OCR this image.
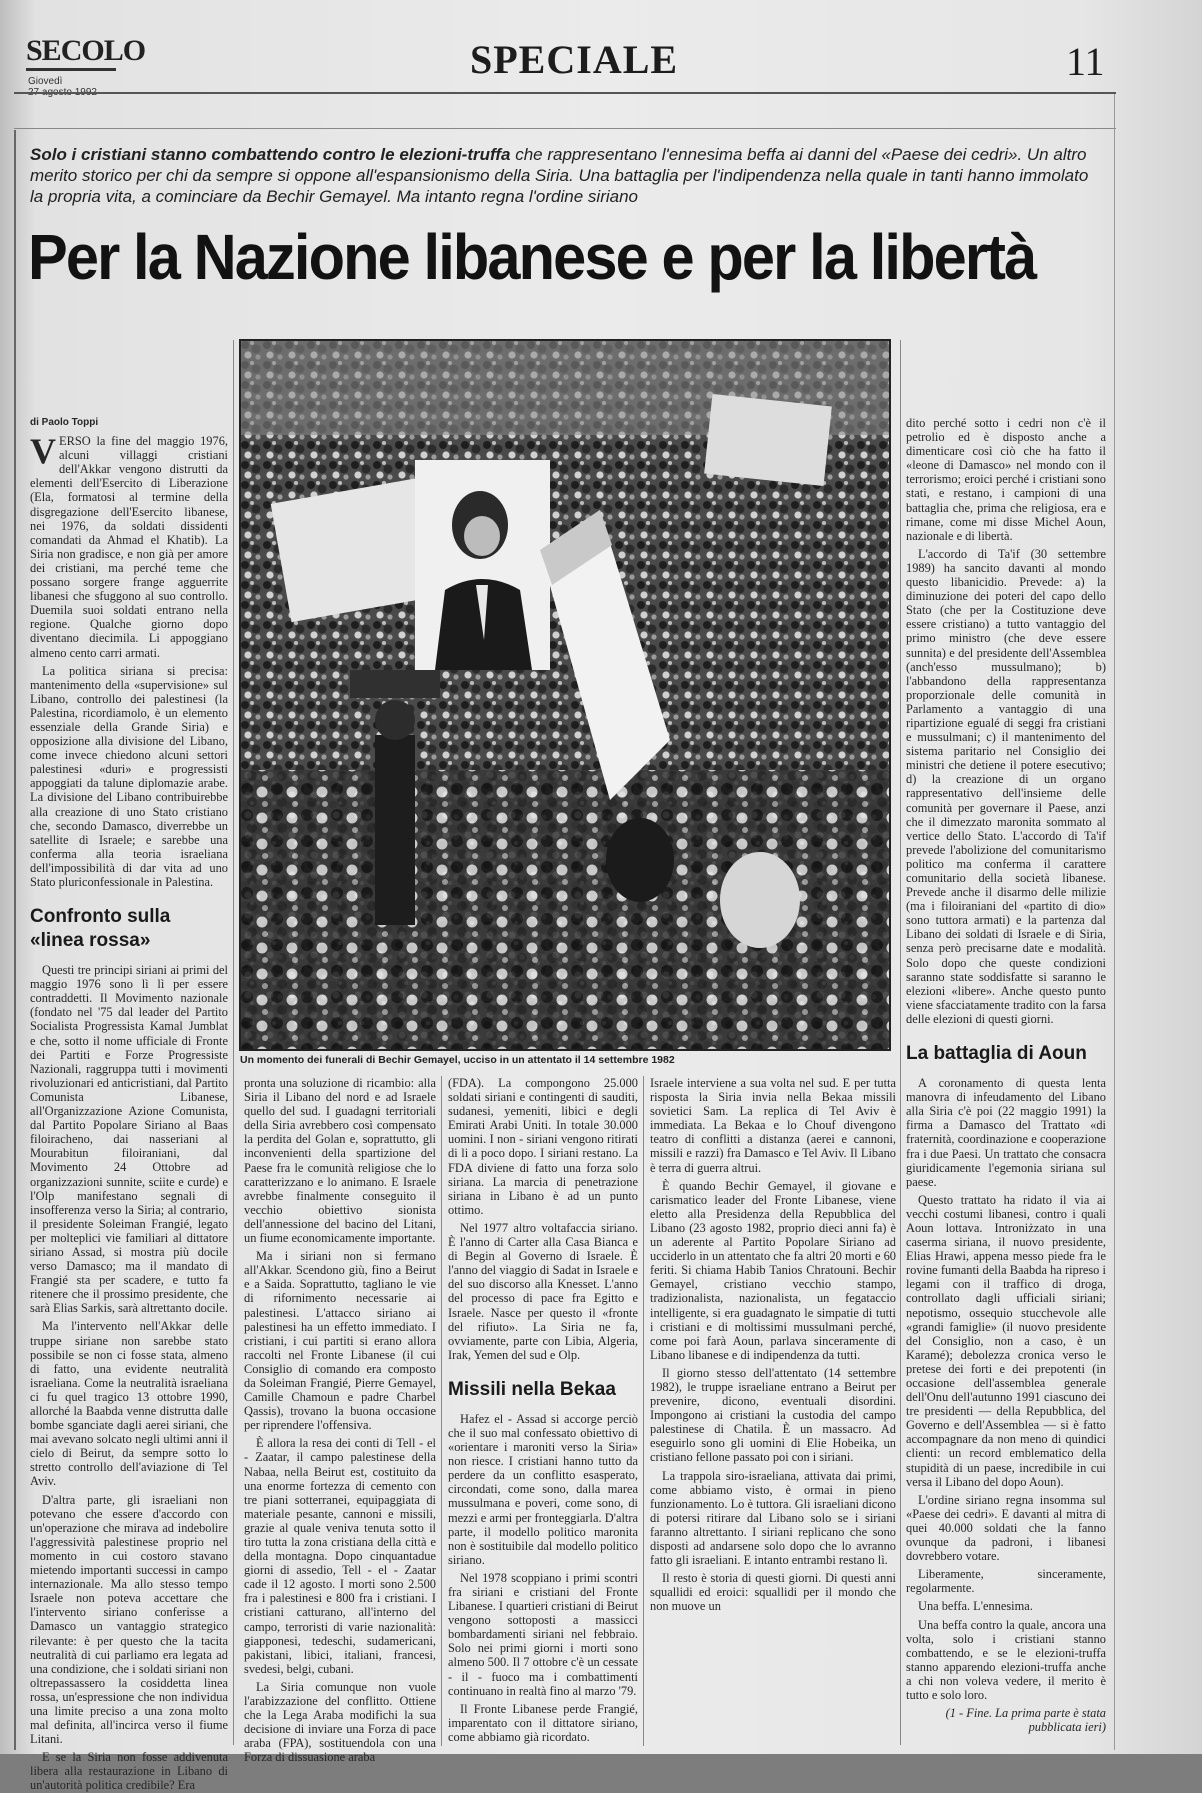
SECOLO
Giovedì	SPECIALE	11

Solo i cristiani stanno combattendo contro le elezioni-truffa che rappresentano l'ennesima beffa ai danni del «Paese dei cedri». Un altro merito storico per chi da sempre si oppone all'espansionismo della Siria. Una battaglia per l'indipendenza nella quale in tanti hanno immolato la propria vita, a cominciare da Bechir Gemayel. Ma intanto regna l'ordine siriano

Per la Nazione libanese e per la libertà
di Paolo Toppi

VERSO la fine del maggio 1976, alcuni villaggi cristiani dell'Akkar vengono distrutti da elementi dell'Esercito di Liberazione (Ela, formatosi al termine della disgregazione dell'Esercito libanese, nei 1976, da soldati dissidenti comandati da Ahmad el Khatib). La Siria non gradisce, e non già per amore dei cristiani, ma perché teme che possano sorgere frange agguerrite libanesi che sfuggono al suo controllo. Duemila suoi soldati entrano nella regione. Qualche giorno dopo diventano diecimila. Li appoggiano almeno cento carri armati.

La politica siriana si precisa: mantenimento della «supervisione» sul Libano, controllo dei palestinesi (la Palestina, ricordiamolo, è un elemento essenziale della Grande Siria) e opposizione alla divisione del Libano, come invece chiedono alcuni settori palestinesi «duri» e progressisti appoggiati da talune diplomazie arabe. La divisione del Libano contribuirebbe alla creazione di uno Stato cristiano che, secondo Damasco, diverrebbe un satellite di Israele; e sarebbe una conferma alla teoria israeliana dell'impossibilità di dar vita ad uno Stato pluriconfessionale in Palestina.

Confronto sulla «linea rossa»

Questi tre principi siriani ai primi del maggio 1976 sono lì lì per essere contraddetti. Il Movimento nazionale (fondato nel '75 dal leader del Partito Socialista Progressista Kamal Jumblat e che, sotto il nome ufficiale di Fronte dei Partiti e Forze Progressiste Nazionali, raggruppa tutti i movimenti rivoluzionari ed anticristiani, dal Partito Comunista Libanese, all'Organizzazione Azione Comunista, dal Partito Popolare Siriano al Baas filoiracheno, dai nasseriani al Mourabitun filoiraniani, dal Movimento 24 Ottobre ad organizzazioni sunnite, sciite e curde) e l'Olp manifestano segnali di insofferenza verso la Siria; al contrario, il presidente Soleiman Frangié, legato per molteplici vie familiari al dittatore siriano Assad, si mostra più docile verso Damasco; ma il mandato di Frangié sta per scadere, e tutto fa ritenere che il prossimo presidente, che sarà Elias Sarkis, sarà altrettanto docile.

Ma l'intervento nell'Akkar delle truppe siriane non sarebbe stato possibile se non ci fosse stata, almeno di fatto, una evidente neutralità israeliana. Come la neutralità israeliana ci fu quel tragico 13 ottobre 1990, allorché la Baabda venne distrutta dalle bombe sganciate dagli aerei siriani, che mai avevano solcato negli ultimi anni il cielo di Beirut, da sempre sotto lo stretto controllo dell'aviazione di Tel Aviv.

D'altra parte, gli israeliani non potevano che essere d'accordo con un'operazione che mirava ad indebolire l'aggressività palestinese proprio nel momento in cui costoro stavano mietendo importanti successi in campo internazionale. Ma allo stesso tempo Israele non poteva accettare che l'intervento siriano conferisse a Damasco un vantaggio strategico rilevante: è per questo che la tacita neutralità di cui parliamo era legata ad una condizione, che i soldati siriani non oltrepassassero la cosiddetta linea rossa, un'espressione che non individua una limite preciso a una zona molto mal definita, all'incirca verso il fiume Litani.

E se la Siria non fosse addivenuta libera alla restaurazione in Libano di un'autorità politica credibile? Era

Un momento dei funerali di Bechir Gemayel, ucciso in un attentato il 14 settembre 1982

pronta una soluzione di ricambio: alla Siria il Libano del nord e ad Israele quello del sud. I guadagni territoriali della Siria avrebbero così compensato la perdita del Golan e, soprattutto, gli inconvenienti della spartizione del Paese fra le comunità religiose che lo caratterizzano e lo animano. E Israele avrebbe finalmente conseguito il vecchio obiettivo sionista dell'annessione del bacino del Litani, un fiume economicamente importante.

Ma i siriani non si fermano all'Akkar. Scendono giù, fino a Beirut e a Saida. Soprattutto, tagliano le vie di rifornimento necessarie ai palestinesi. L'attacco siriano ai palestinesi ha un effetto immediato. I cristiani, i cui partiti si erano allora raccolti nel Fronte Libanese (il cui Consiglio di comando era composto da Soleiman Frangié, Pierre Gemayel, Camille Chamoun e padre Charbel Qassis), trovano la buona occasione per riprendere l'offensiva.

È allora la resa dei conti di Tell - el - Zaatar, il campo palestinese della Nabaa, nella Beirut est, costituito da una enorme fortezza di cemento con tre piani sotterranei, equipaggiata di materiale pesante, cannoni e missili, grazie al quale veniva tenuta sotto il tiro tutta la zona cristiana della città e della montagna. Dopo cinquantadue giorni di assedio, Tell - el - Zaatar cade il 12 agosto. I morti sono 2.500 fra i palestinesi e 800 fra i cristiani. I cristiani catturano, all'interno del campo, terroristi di varie nazionalità: giapponesi, tedeschi, sudamericani, pakistani, libici, italiani, francesi, svedesi, belgi, cubani.

La Siria comunque non vuole l'arabizzazione del conflitto. Ottiene che la Lega Araba modifichi la sua decisione di inviare una Forza di pace araba (FPA), sostituendola con una Forza di dissuasione araba

(FDA). La compongono 25.000 soldati siriani e contingenti di sauditi, sudanesi, yemeniti, libici e degli Emirati Arabi Uniti. In totale 30.000 uomini. I non - siriani vengono ritirati di li a poco dopo. I siriani restano. La FDA diviene di fatto una forza solo siriana. La marcia di penetrazione siriana in Libano è ad un punto ottimo.

Nel 1977 altro voltafaccia siriano. È l'anno di Carter alla Casa Bianca e di Begin al Governo di Israele. È l'anno del viaggio di Sadat in Israele e del suo discorso alla Knesset. L'anno del processo di pace fra Egitto e Israele. Nasce per questo il «fronte del rifiuto». La Siria ne fa, ovviamente, parte con Libia, Algeria, Irak, Yemen del sud e Olp.

Missili nella Bekaa

Hafez el - Assad si accorge perciò che il suo mal confessato obiettivo di «orientare i maroniti verso la Siria» non riesce. I cristiani hanno tutto da perdere da un conflitto esasperato, circondati, come sono, dalla marea mussulmana e poveri, come sono, di mezzi e armi per fronteggiarla. D'altra parte, il modello politico maronita non è sostituibile dal modello politico siriano.

Nel 1978 scoppiano i primi scontri fra siriani e cristiani del Fronte Libanese. I quartieri cristiani di Beirut vengono sottoposti a massicci bombardamenti siriani nel febbraio. Solo nei primi giorni i morti sono almeno 500. Il 7 ottobre c'è un cessate - il - fuoco ma i combattimenti continuano in realtà fino al marzo '79.

Il Fronte Libanese perde Frangié, imparentato con il dittatore siriano, come abbiamo già ricordato.

Israele interviene a sua volta nel sud. E per tutta risposta la Siria invia nella Bekaa missili sovietici Sam. La replica di Tel Aviv è immediata. La Bekaa e lo Chouf divengono teatro di conflitti a distanza (aerei e cannoni, missili e razzi) fra Damasco e Tel Aviv. Il Libano è terra di guerra altrui.

È quando Bechir Gemayel, il giovane e carismatico leader del Fronte Libanese, viene eletto alla Presidenza della Repubblica del Libano (23 agosto 1982, proprio dieci anni fa) è un aderente al Partito Popolare Siriano ad ucciderlo in un attentato che fa altri 20 morti e 60 feriti. Si chiama Habib Tanios Chratouni. Bechir Gemayel, cristiano vecchio stampo, tradizionalista, nazionalista, un fegataccio intelligente, si era guadagnato le simpatie di tutti i cristiani e di moltissimi mussulmani perché, come poi farà Aoun, parlava sinceramente di Libano libanese e di indipendenza da tutti.

Il giorno stesso dell'attentato (14 settembre 1982), le truppe israeliane entrano a Beirut per prevenire, dicono, eventuali disordini. Impongono ai cristiani la custodia del campo palestinese di Chatila. È un massacro. Ad eseguirlo sono gli uomini di Elie Hobeika, un cristiano fellone passato poi con i siriani.

La trappola siro-israeliana, attivata dai primi, come abbiamo visto, è ormai in pieno funzionamento. Lo è tuttora. Gli israeliani dicono di potersi ritirare dal Libano solo se i siriani faranno altrettanto. I siriani replicano che sono disposti ad andarsene solo dopo che lo avranno fatto gli israeliani. E intanto entrambi restano lì.

Il resto è storia di questi giorni. Di questi anni squallidi ed eroici: squallidi per il mondo che non muove un

dito perché sotto i cedri non c'è il petrolio ed è disposto anche a dimenticare così ciò che ha fatto il «leone di Damasco» nel mondo con il terrorismo; eroici perché i cristiani sono stati, e restano, i campioni di una battaglia che, prima che religiosa, era e rimane, come mi disse Michel Aoun, nazionale e di libertà.

L'accordo di Ta'if (30 settembre 1989) ha sancito davanti al mondo questo libanicidio. Prevede: a) la diminuzione dei poteri del capo dello Stato (che per la Costituzione deve essere cristiano) a tutto vantaggio del primo ministro (che deve essere sunnita) e del presidente dell'Assemblea (anch'esso mussulmano); b) l'abbandono della rappresentanza proporzionale delle comunità in Parlamento a vantaggio di una ripartizione egualé di seggi fra cristiani e mussulmani; c) il mantenimento del sistema paritario nel Consiglio dei ministri che detiene il potere esecutivo; d) la creazione di un organo rappresentativo dell'insieme delle comunità per governare il Paese, anzi che il dimezzato maronita sommato al vertice dello Stato. L'accordo di Ta'if prevede l'abolizione del comunitarismo politico ma conferma il carattere comunitario della società libanese. Prevede anche il disarmo delle milizie (ma i filoiraniani del «partito di dio» sono tuttora armati) e la partenza dal Libano dei soldati di Israele e di Siria, senza però precisarne date e modalità. Solo dopo che queste condizioni saranno state soddisfatte si saranno le elezioni «libere». Anche questo punto viene sfacciatamente tradito con la farsa delle elezioni di questi giorni.

La battaglia di Aoun

A coronamento di questa lenta manovra di infeudamento del Libano alla Siria c'è poi (22 maggio 1991) la firma a Damasco del Trattato «di fraternità, coordinazione e cooperazione fra i due Paesi. Un trattato che consacra giuridicamente l'egemonia siriana sul paese.

Questo trattato ha ridato il via ai vecchi costumi libanesi, contro i quali Aoun lottava. Introniżzato in una caserma siriana, il nuovo presidente, Elias Hrawi, appena messo piede fra le rovine fumanti della Baabda ha ripreso i legami con il traffico di droga, controllato dagli ufficiali siriani; nepotismo, ossequio stucchevole alle «grandi famiglie» (il nuovo presidente del Consiglio, non a caso, è un Karamé); debolezza cronica verso le pretese dei forti e dei prepotenti (in occasione dell'assemblea generale dell'Onu dell'autunno 1991 ciascuno dei tre presidenti — della Repubblica, del Governo e dell'Assemblea — si è fatto accompagnare da non meno di quindici clienti: un record emblematico della stupidità di un paese, incredibile in cui versa il Libano del dopo Aoun).

L'ordine siriano regna insomma sul «Paese dei cedri». E davanti al mitra di quei 40.000 soldati che la fanno ovunque da padroni, i libanesi dovrebbero votare.

Liberamente, sinceramente, regolarmente.

Una beffa. L'ennesima.

Una beffa contro la quale, ancora una volta, solo i cristiani stanno combattendo, e se le elezioni-truffa stanno apparendo elezioni-truffa anche a chi non voleva vedere, il merito è tutto e solo loro.

(1 - Fine. La prima parte è stata pubblicata ieri)
